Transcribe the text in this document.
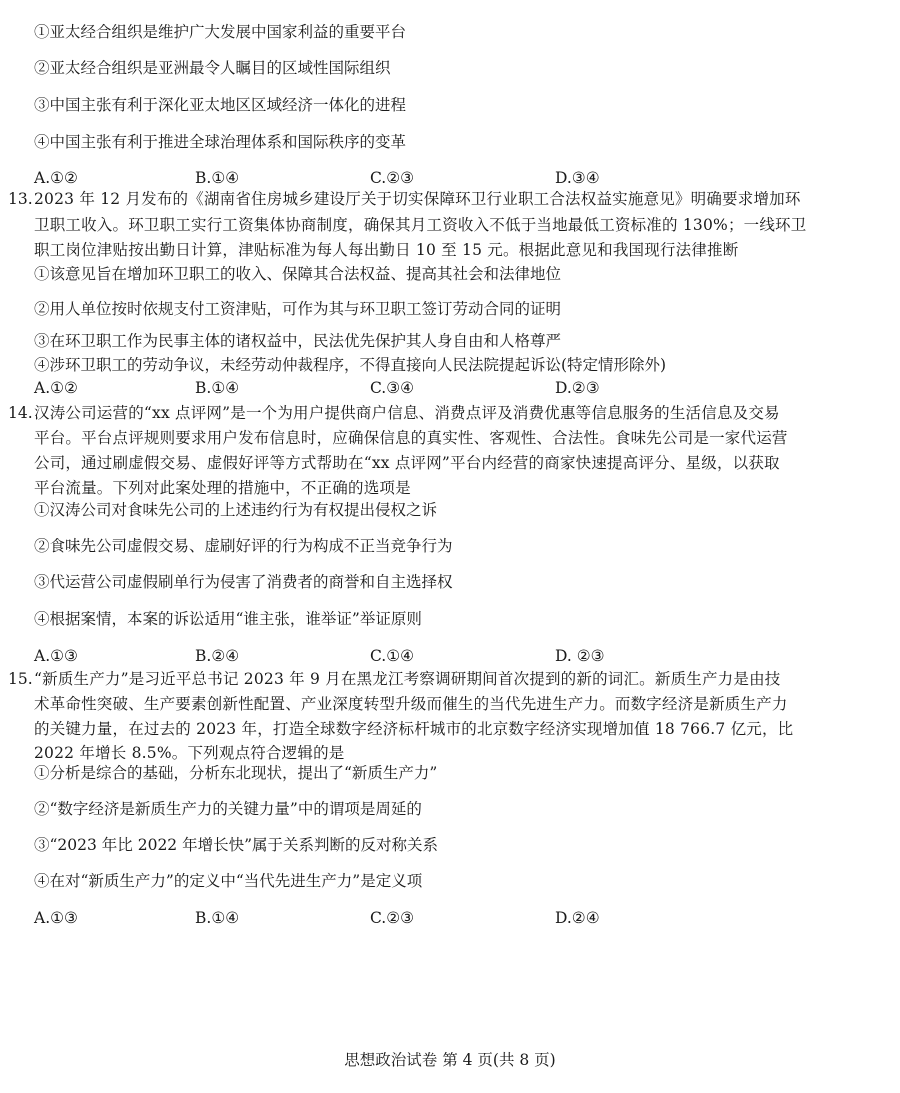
①亚太经合组织是维护广大发展中国家利益的重要平台
②亚太经合组织是亚洲最令人瞩目的区域性国际组织
③中国主张有利于深化亚太地区区域经济一体化的进程
④中国主张有利于推进全球治理体系和国际秩序的变革
A.①②	B.①④	C.②③	D.③④
13. 2023 年 12 月发布的《湖南省住房城乡建设厅关于切实保障环卫行业职工合法权益实施意见》明确要求增加环
卫职工收入。环卫职工实行工资集体协商制度，确保其月工资收入不低于当地最低工资标准的 130%；一线环卫
职工岗位津贴按出勤日计算，津贴标准为每人每出勤日 10 至 15 元。根据此意见和我国现行法律推断
①该意见旨在增加环卫职工的收入、保障其合法权益、提高其社会和法律地位
②用人单位按时依规支付工资津贴，可作为其与环卫职工签订劳动合同的证明
③在环卫职工作为民事主体的诸权益中，民法优先保护其人身自由和人格尊严
④涉环卫职工的劳动争议，未经劳动仲裁程序，不得直接向人民法院提起诉讼(特定情形除外)
A.①②	B.①④	C.③④	D.②③
14. 汉涛公司运营的“xx 点评网”是一个为用户提供商户信息、消费点评及消费优惠等信息服务的生活信息及交易
平台。平台点评规则要求用户发布信息时，应确保信息的真实性、客观性、合法性。食味先公司是一家代运营
公司，通过刷虚假交易、虚假好评等方式帮助在“xx 点评网”平台内经营的商家快速提高评分、星级，以获取
平台流量。下列对此案处理的措施中，不正确的选项是
①汉涛公司对食味先公司的上述违约行为有权提出侵权之诉
②食味先公司虚假交易、虚刷好评的行为构成不正当竞争行为
③代运营公司虚假刷单行为侵害了消费者的商誉和自主选择权
④根据案情，本案的诉讼适用“谁主张，谁举证”举证原则
A.①③	B.②④	C.①④	D. ②③
15. “新质生产力”是习近平总书记 2023 年 9 月在黑龙江考察调研期间首次提到的新的词汇。新质生产力是由技
术革命性突破、生产要素创新性配置、产业深度转型升级而催生的当代先进生产力。而数字经济是新质生产力
的关键力量，在过去的 2023 年，打造全球数字经济标杆城市的北京数字经济实现增加值 18 766.7 亿元，比
2022 年增长 8.5%。下列观点符合逻辑的是
①分析是综合的基础，分析东北现状，提出了“新质生产力”
②“数字经济是新质生产力的关键力量”中的谓项是周延的
③“2023 年比 2022 年增长快”属于关系判断的反对称关系
④在对“新质生产力”的定义中“当代先进生产力”是定义项
A.①③	B.①④	C.②③	D.②④
思想政治试卷 第 4 页(共 8 页)
